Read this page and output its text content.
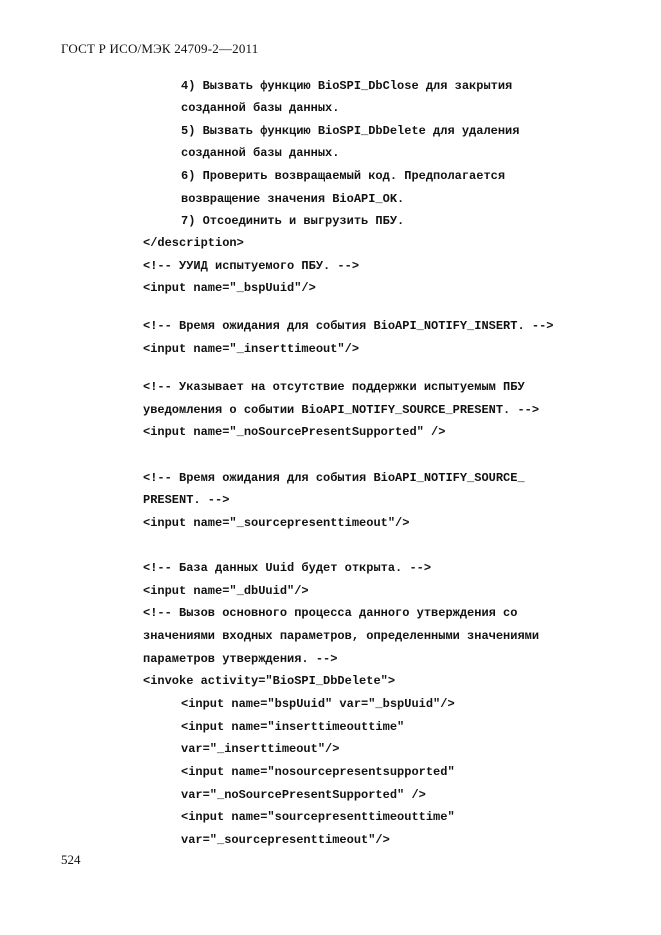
ГОСТ Р ИСО/МЭК 24709-2—2011
4) Вызвать функцию BioSPI_DbClose для закрытия
созданной базы данных.
5) Вызвать функцию BioSPI_DbDelete для удаления
созданной базы данных.
6) Проверить возвращаемый код. Предполагается
возвращение значения BioAPI_OK.
7) Отсоединить и выгрузить ПБУ.
</description>
<!-- УУИД испытуемого ПБУ. -->
<input name="_bspUuid"/>
<!-- Время ожидания для события BioAPI_NOTIFY_INSERT. -->
<input name="_inserttimeout"/>
<!-- Указывает на отсутствие поддержки испытуемым ПБУ
уведомления о событии BioAPI_NOTIFY_SOURCE_PRESENT. -->
<input name="_noSourcePresentSupported" />
<!-- Время ожидания для события BioAPI_NOTIFY_SOURCE_
PRESENT. -->
<input name="_sourcepresenttimeout"/>
<!-- База данных Uuid будет открыта. -->
<input name="_dbUuid"/>
<!-- Вызов основного процесса данного утверждения со
значениями входных параметров, определенными значениями
параметров утверждения. -->
<invoke activity="BioSPI_DbDelete">
<input name="bspUuid" var="_bspUuid"/>
<input name="inserttimeouttime"
var="_inserttimeout"/>
<input name="nosourcepresentsupported"
var="_noSourcePresentSupported" />
<input name="sourcepresenttimeouttime"
var="_sourcepresenttimeout"/>
524
